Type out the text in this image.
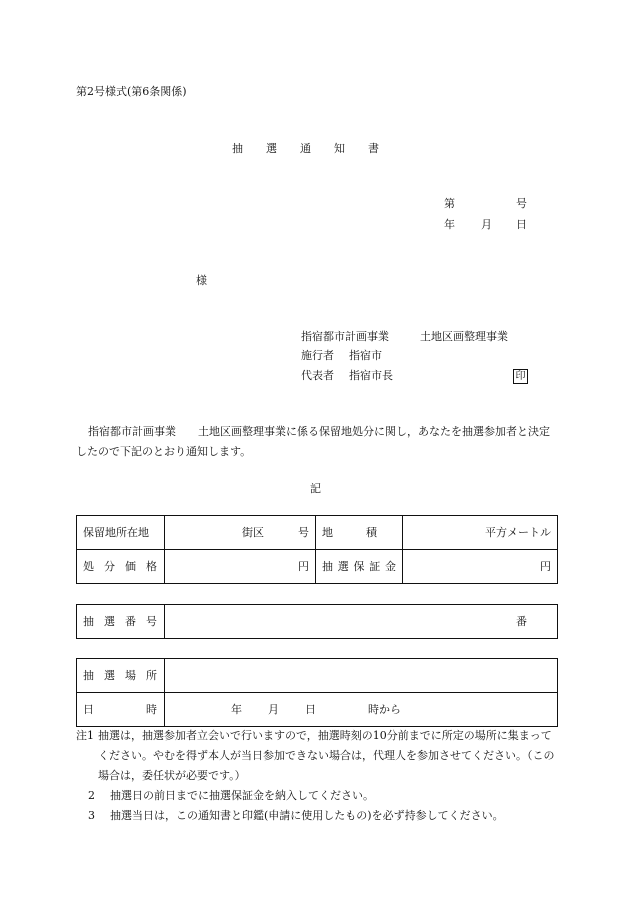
第2号様式(第6条関係)
抽 選 通 知 書
第	号
年 月 日
様
指宿都市計画事業	土地区画整理事業
施行者 指宿市
代表者 指宿市長	印
指宿都市計画事業　　土地区画整理事業に係る保留地処分に関し，あなたを抽選参加者と決定したので下記のとおり通知します。
記
保留地所在地	街区 号	地　　　積	平方メートル

処 分 価 格	円	抽 選 保 証 金	円
抽 選 番 号	番
抽 選 場 所	

日 時	年 月 日 時から
注1 抽選は，抽選参加者立会いで行いますので，抽選時刻の10分前までに所定の場所に集まってください。やむを得ず本人が当日参加できない場合は，代理人を参加させてください。（この場合は，委任状が必要です。）
2	抽選日の前日までに抽選保証金を納入してください。
3	抽選当日は，この通知書と印鑑(申請に使用したもの)を必ず持参してください。
